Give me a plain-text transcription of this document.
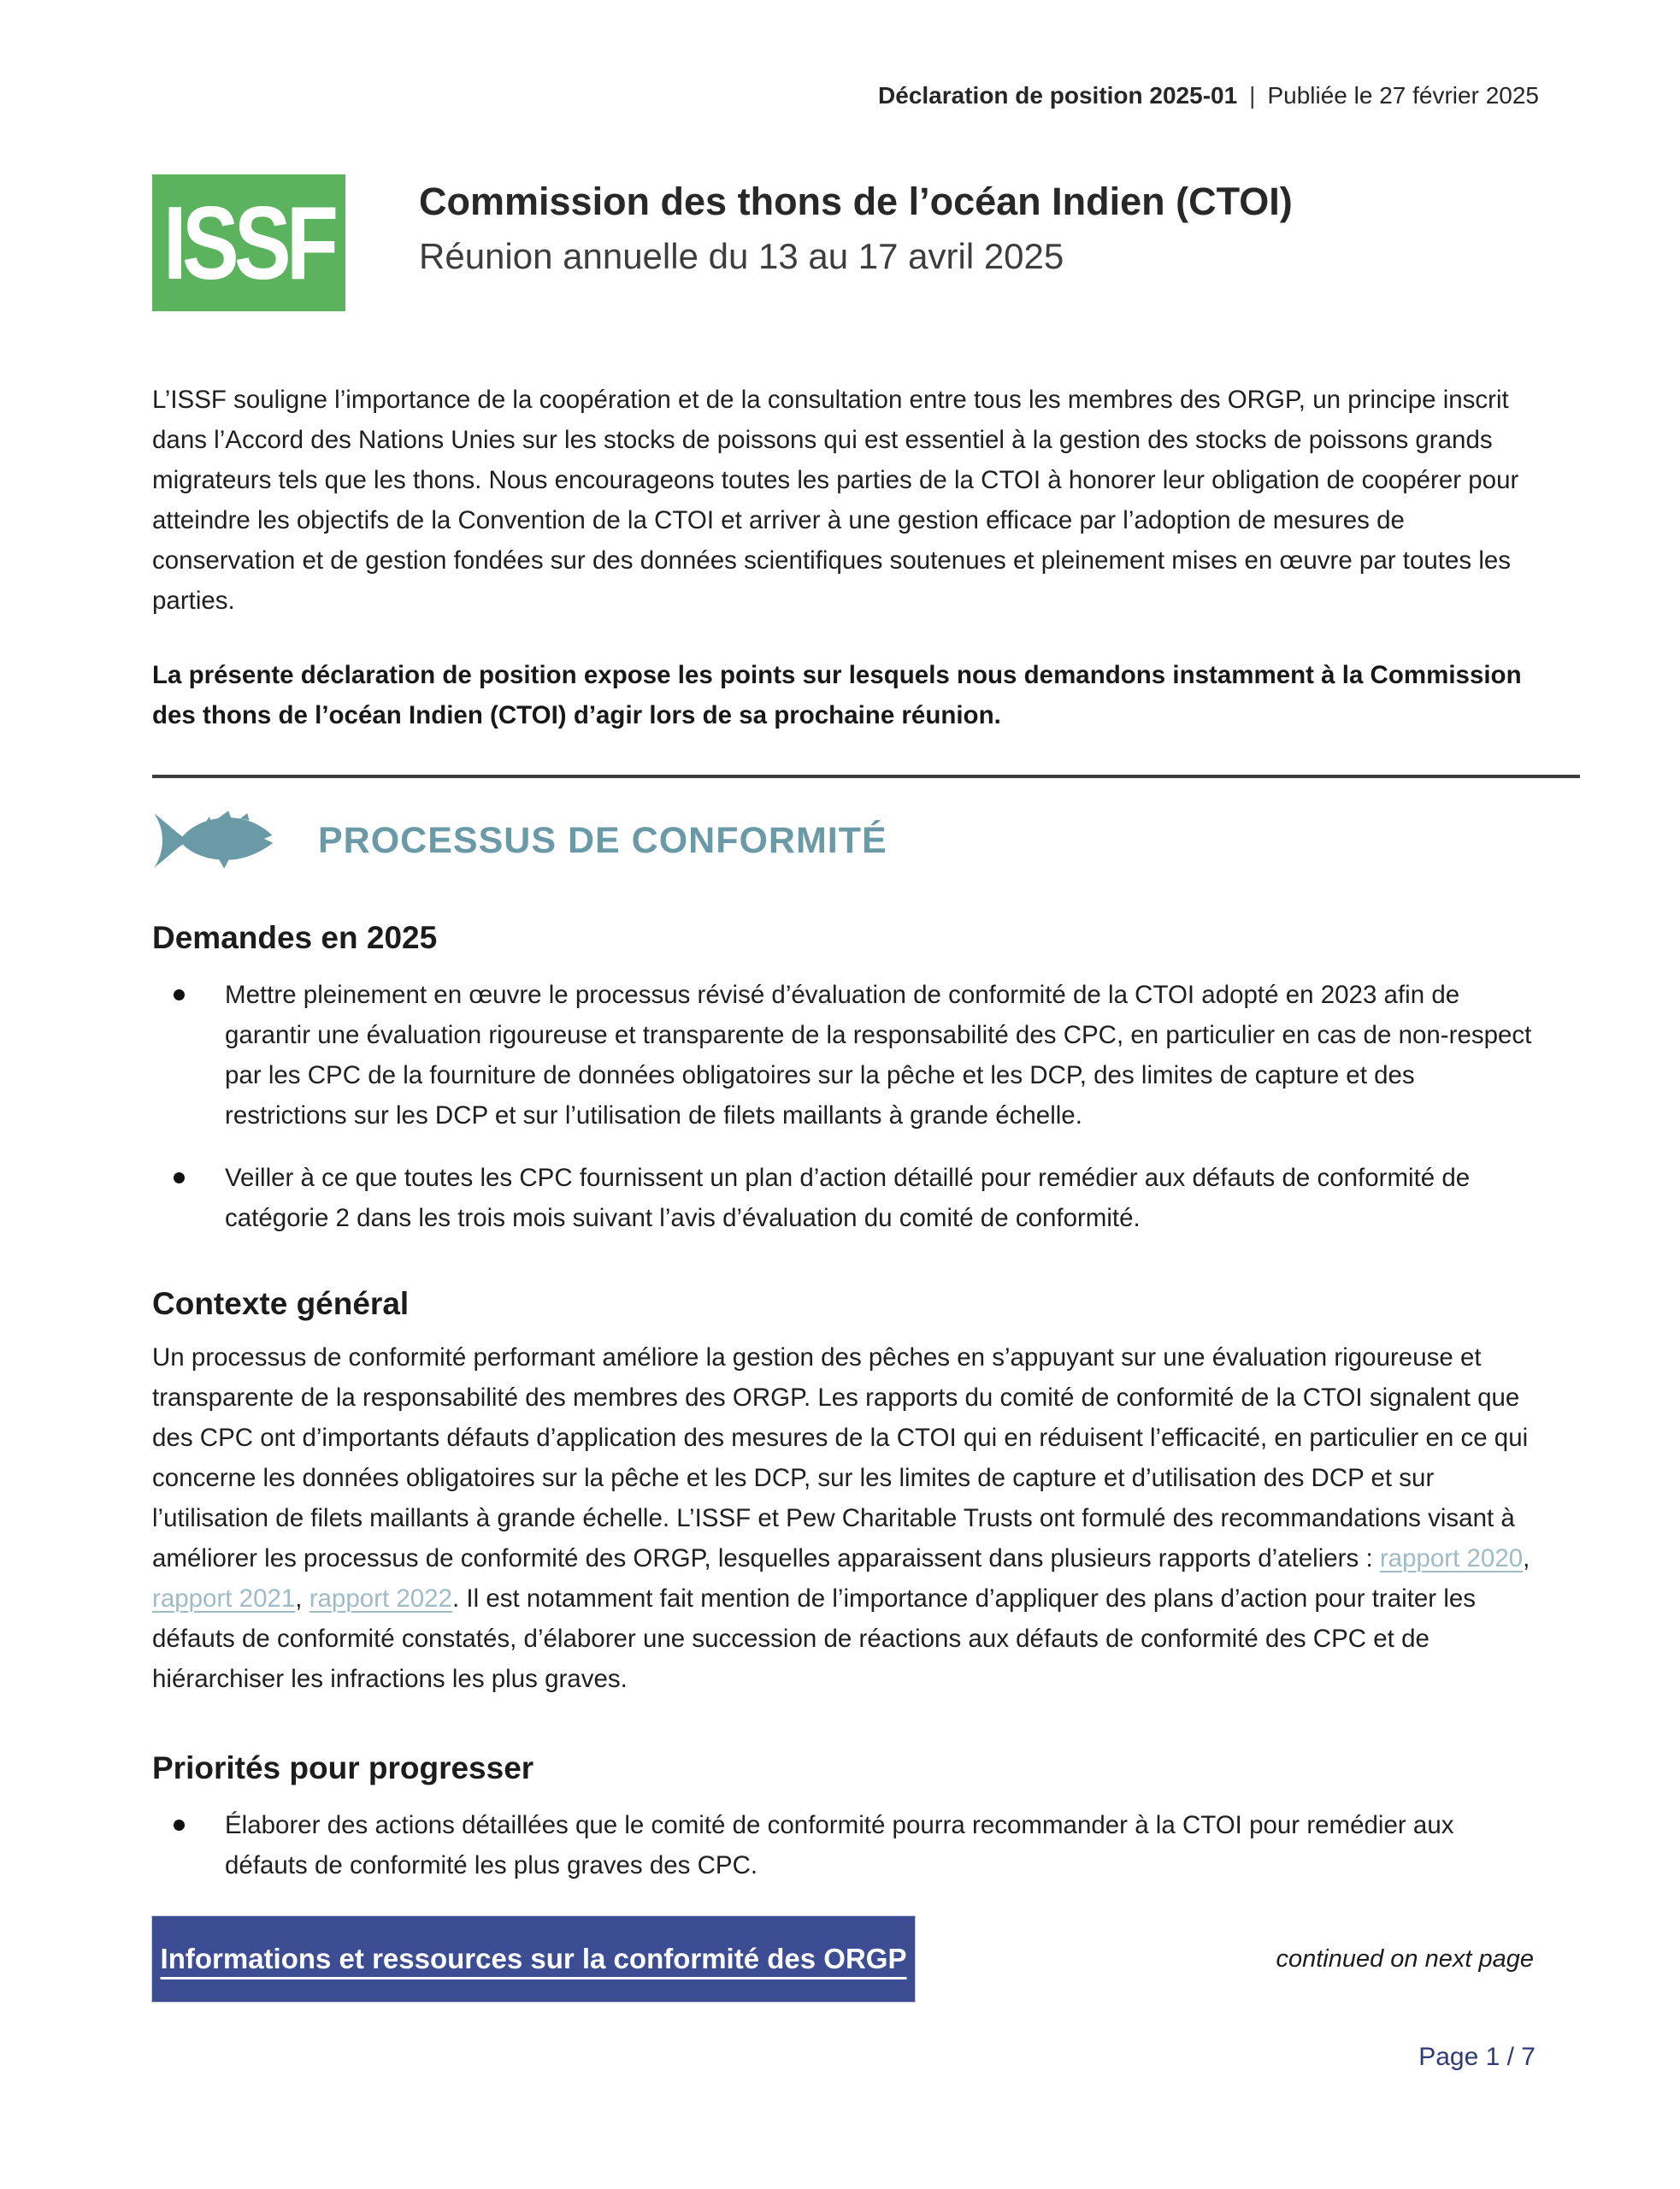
Déclaration de position 2025-01 | Publiée le 27 février 2025
ISSF Commission des thons de l’océan Indien (CTOI)
Réunion annuelle du 13 au 17 avril 2025

L’ISSF souligne l’importance de la coopération et de la consultation entre tous les membres des ORGP, un principe inscrit dans l’Accord des Nations Unies sur les stocks de poissons qui est essentiel à la gestion des stocks de poissons grands migrateurs tels que les thons. Nous encourageons toutes les parties de la CTOI à honorer leur obligation de coopérer pour atteindre les objectifs de la Convention de la CTOI et arriver à une gestion efficace par l’adoption de mesures de conservation et de gestion fondées sur des données scientifiques soutenues et pleinement mises en œuvre par toutes les parties.

La présente déclaration de position expose les points sur lesquels nous demandons instamment à la Commission des thons de l’océan Indien (CTOI) d’agir lors de sa prochaine réunion.

PROCESSUS DE CONFORMITÉ
Demandes en 2025
Mettre pleinement en œuvre le processus révisé d’évaluation de conformité de la CTOI adopté en 2023 afin de garantir une évaluation rigoureuse et transparente de la responsabilité des CPC, en particulier en cas de non-respect par les CPC de la fourniture de données obligatoires sur la pêche et les DCP, des limites de capture et des restrictions sur les DCP et sur l’utilisation de filets maillants à grande échelle.
Veiller à ce que toutes les CPC fournissent un plan d’action détaillé pour remédier aux défauts de conformité de catégorie 2 dans les trois mois suivant l’avis d’évaluation du comité de conformité.
Contexte général

Un processus de conformité performant améliore la gestion des pêches en s’appuyant sur une évaluation rigoureuse et transparente de la responsabilité des membres des ORGP. Les rapports du comité de conformité de la CTOI signalent que des CPC ont d’importants défauts d’application des mesures de la CTOI qui en réduisent l’efficacité, en particulier en ce qui concerne les données obligatoires sur la pêche et les DCP, sur les limites de capture et d’utilisation des DCP et sur l’utilisation de filets maillants à grande échelle. L’ISSF et Pew Charitable Trusts ont formulé des recommandations visant à améliorer les processus de conformité des ORGP, lesquelles apparaissent dans plusieurs rapports d’ateliers : rapport 2020, rapport 2021, rapport 2022. Il est notamment fait mention de l’importance d’appliquer des plans d’action pour traiter les défauts de conformité constatés, d’élaborer une succession de réactions aux défauts de conformité des CPC et de hiérarchiser les infractions les plus graves.

Priorités pour progresser
Élaborer des actions détaillées que le comité de conformité pourra recommander à la CTOI pour remédier aux défauts de conformité les plus graves des CPC.
Informations et ressources sur la conformité des ORGP	continued on next page
Page 1 / 7
